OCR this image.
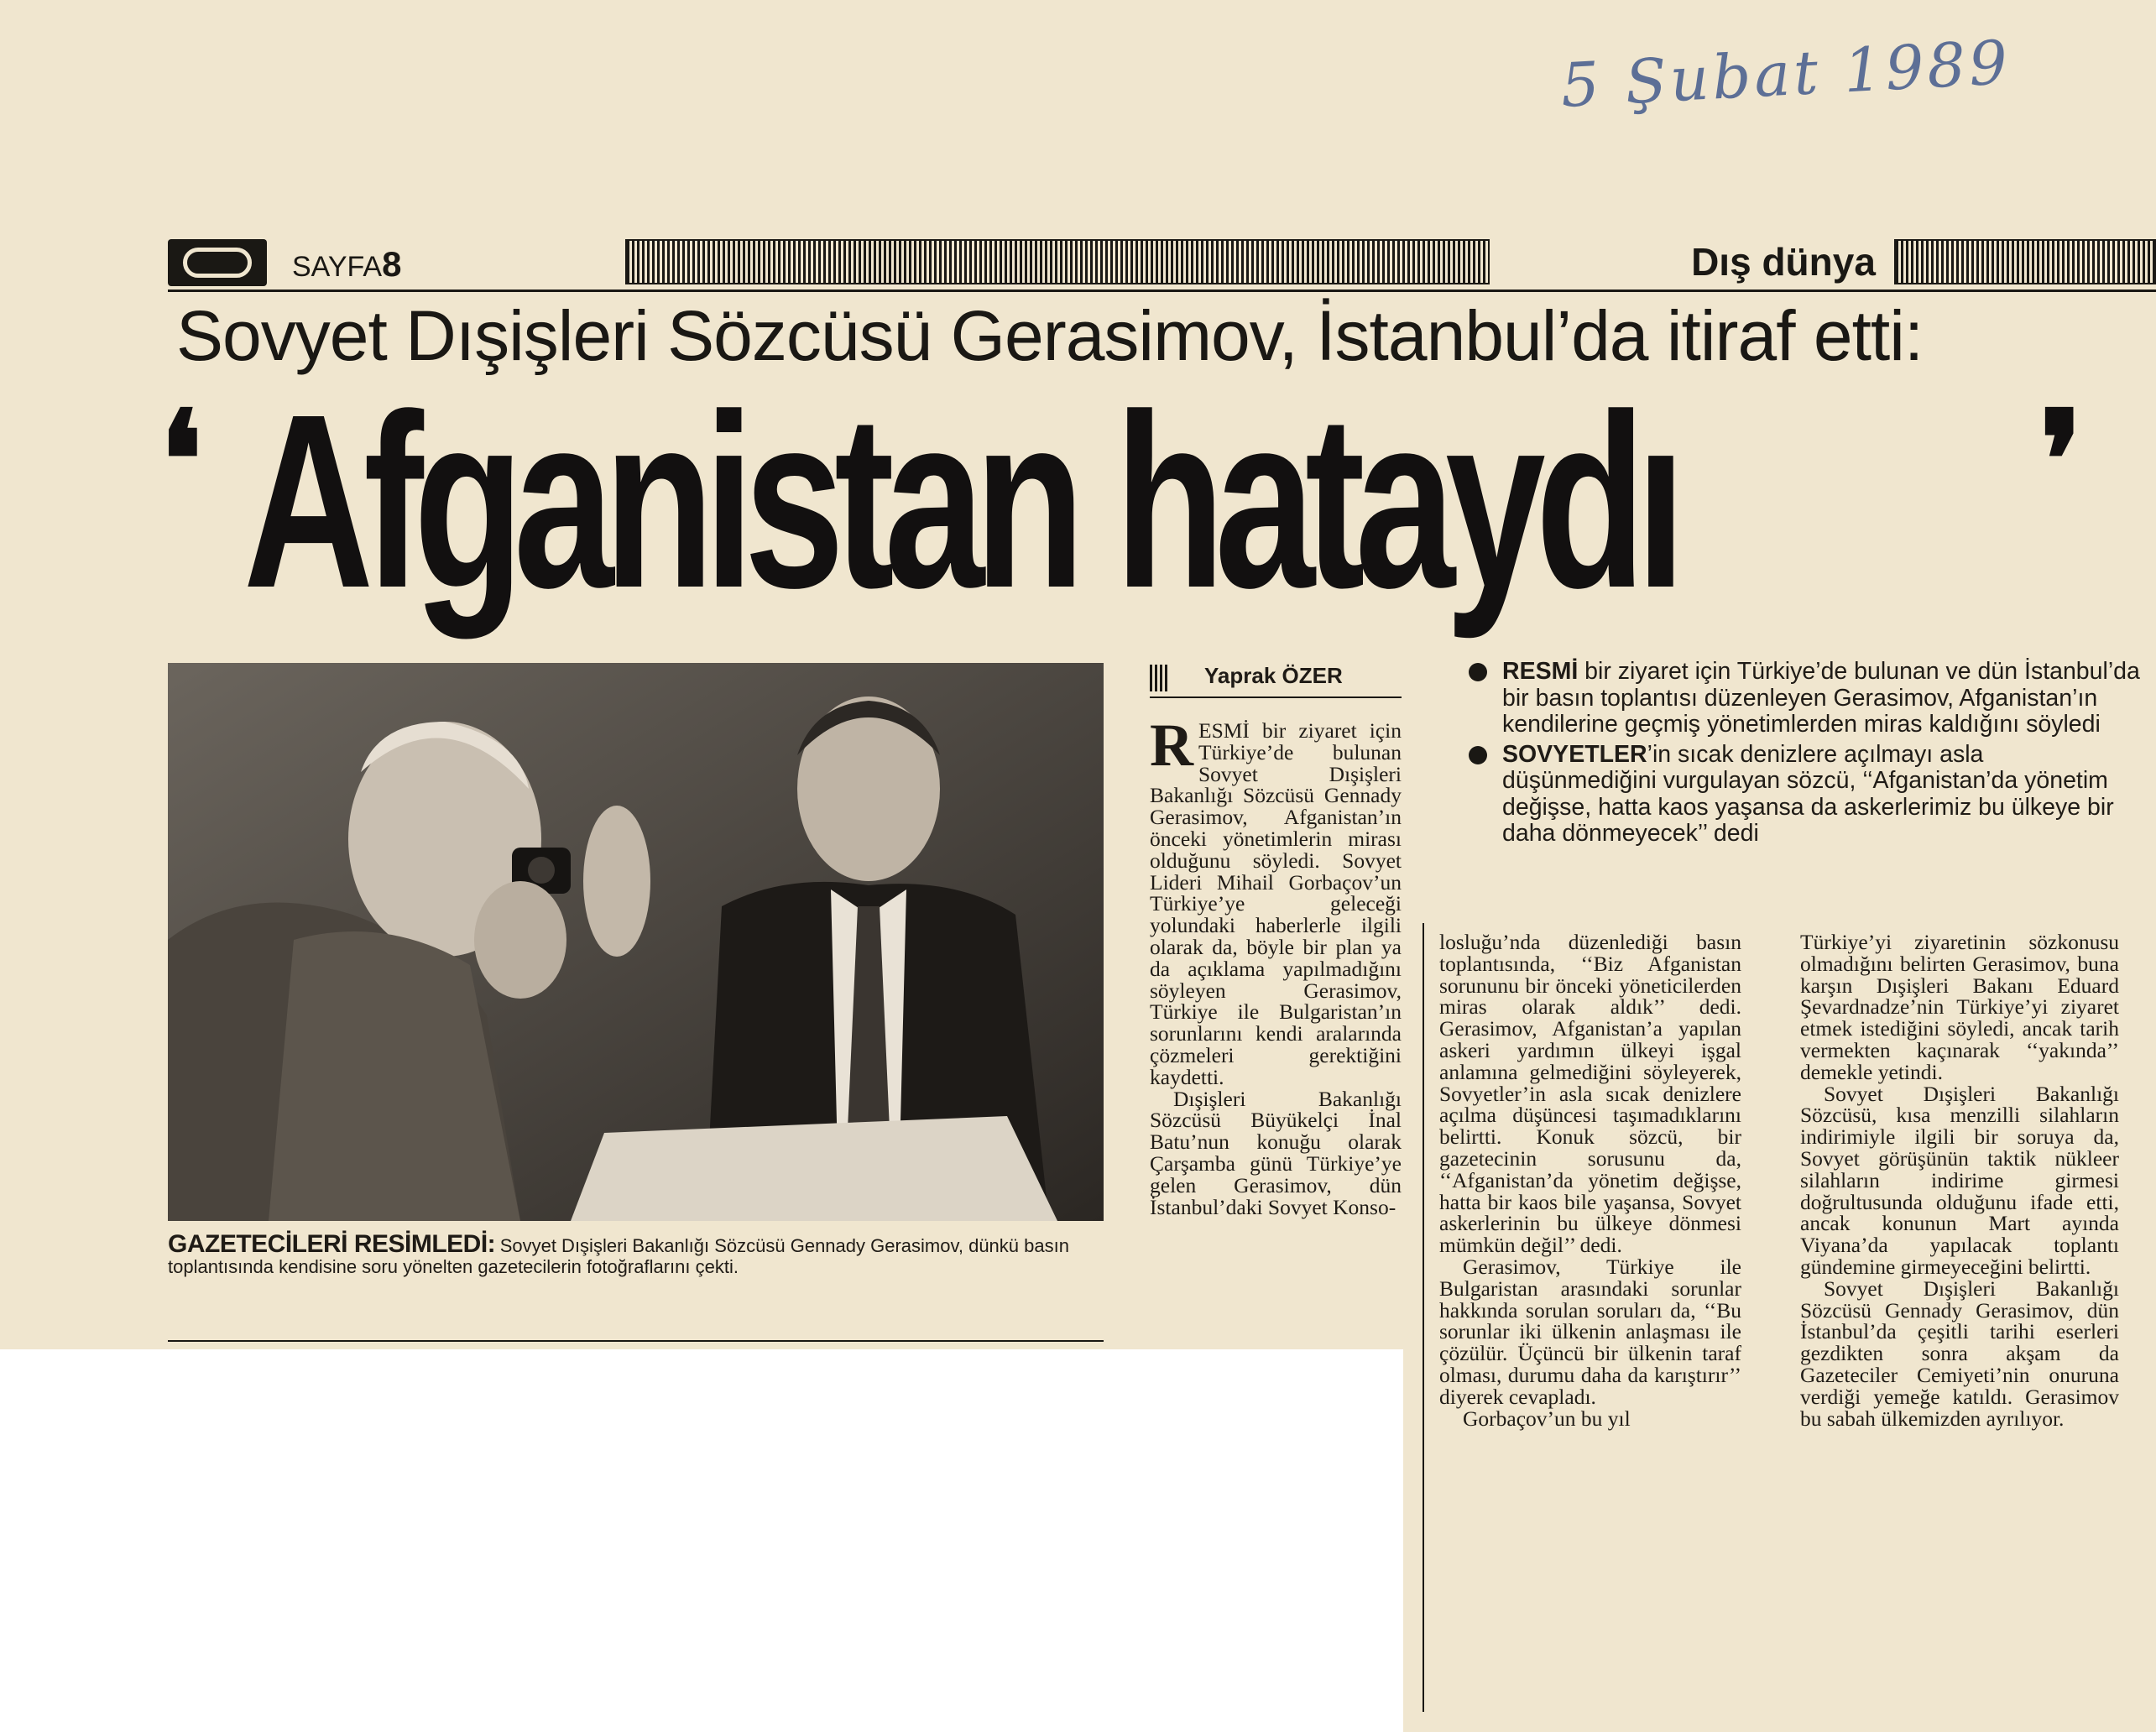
5 Şubat 1989
SAYFA8	Dış dünya
Sovyet Dışişleri Sözcüsü Gerasimov, İstanbul’da itiraf etti:
❛ Afganistan hataydı	❜
GAZETECİLERİ RESİMLEDİ: Sovyet Dışişleri Bakanlığı Sözcüsü Gennady Gerasimov, dünkü basın toplantısında kendisine soru yönelten gazetecilerin fotoğraflarını çekti.
Yaprak ÖZER	RESMİ bir ziyaret için Türkiye’de bulunan ve dün İstanbul’da bir basın toplantısı düzenleyen Gerasimov, Afganistan’ın kendilerine geçmiş yönetimlerden miras kaldığını söyledi

SOVYETLER’in sıcak denizlere açılmayı asla düşünmediğini vurgulayan sözcü, ‘‘Afganistan’da yönetim değişse, hatta kaos yaşansa da askerlerimiz bu ülkeye bir daha dönmeyecek’’ dedi

RESMİ bir ziyaret için Türkiye’de bulunan Sovyet Dışişleri Bakanlığı Sözcüsü Gennady Gerasimov, Afganistan’ın önceki yönetimlerin mirası olduğunu söyledi. Sovyet Lideri Mihail Gorbaçov’un Türkiye’ye geleceği yolundaki haberlerle ilgili olarak da, böyle bir plan ya da açıklama yapılmadığını söyleyen Gerasimov, Türkiye ile Bulgaristan’ın sorunlarını kendi aralarında çözmeleri gerektiğini kaydetti.

Dışişleri Bakanlığı Sözcüsü Büyükelçi İnal Batu’nun konuğu olarak Çarşamba günü Türkiye’ye gelen Gerasimov, dün İstanbul’daki Sovyet Konso-

losluğu’nda düzenlediği basın toplantısında, ‘‘Biz Afganistan sorununu bir önceki yöneticilerden miras olarak aldık’’ dedi. Gerasimov, Afganistan’a yapılan askeri yardımın ülkeyi işgal anlamına gelmediğini söyleyerek, Sovyetler’in asla sıcak denizlere açılma düşüncesi taşımadıklarını belirtti. Konuk sözcü, bir gazetecinin sorusunu da, ‘‘Afganistan’da yönetim değişse, hatta bir kaos bile yaşansa, Sovyet askerlerinin bu ülkeye dönmesi mümkün değil’’ dedi.

Gerasimov, Türkiye ile Bulgaristan arasındaki sorunlar hakkında sorulan soruları da, ‘‘Bu sorunlar iki ülkenin anlaşması ile çözülür. Üçüncü bir ülkenin taraf olması, durumu daha da karıştırır’’ diyerek cevapladı.

Gorbaçov’un bu yıl

Türkiye’yi ziyaretinin sözkonusu olmadığını belirten Gerasimov, buna karşın Dışişleri Bakanı Eduard Şevardnadze’nin Türkiye’yi ziyaret etmek istediğini söyledi, ancak tarih vermekten kaçınarak ‘‘yakında’’ demekle yetindi.

Sovyet Dışişleri Bakanlığı Sözcüsü, kısa menzilli silahların indirimiyle ilgili bir soruya da, Sovyet görüşünün taktik nükleer silahların indirime girmesi doğrultusunda olduğunu ifade etti, ancak konunun Mart ayında Viyana’da yapılacak toplantı gündemine girmeyeceğini belirtti.

Sovyet Dışişleri Bakanlığı Sözcüsü Gennady Gerasimov, dün İstanbul’da çeşitli tarihi eserleri gezdikten sonra akşam da Gazeteciler Cemiyeti’nin onuruna verdiği yemeğe katıldı. Gerasimov bu sabah ülkemizden ayrılıyor.
